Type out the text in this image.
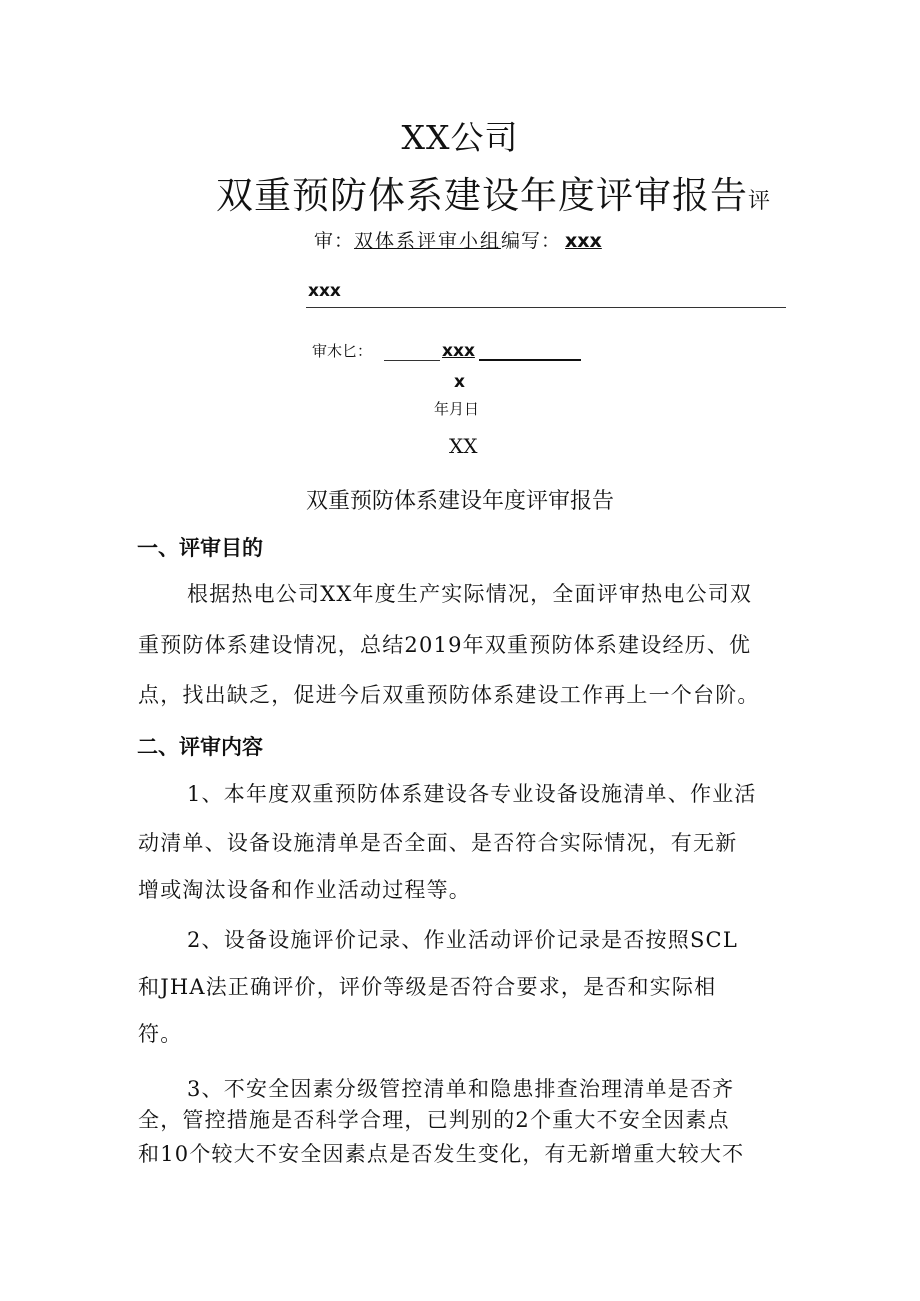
XX公司
双重预防体系建设年度评审报告评
审：双体系评审小组编写： xxx
xxx
审木匕：	xxx
x
年月日
XX
双重预防体系建设年度评审报告
一、评审目的
根据热电公司XX年度生产实际情况，全面评审热电公司双
重预防体系建设情况，总结2019年双重预防体系建设经历、优
点，找出缺乏，促进今后双重预防体系建设工作再上一个台阶。
二、评审内容
1、本年度双重预防体系建设各专业设备设施清单、作业活
动清单、设备设施清单是否全面、是否符合实际情况，有无新
增或淘汰设备和作业活动过程等。
2、设备设施评价记录、作业活动评价记录是否按照SCL
和JHA法正确评价，评价等级是否符合要求，是否和实际相
符。
3、不安全因素分级管控清单和隐患排查治理清单是否齐
全，管控措施是否科学合理，已判别的2个重大不安全因素点
和10个较大不安全因素点是否发生变化，有无新增重大较大不
